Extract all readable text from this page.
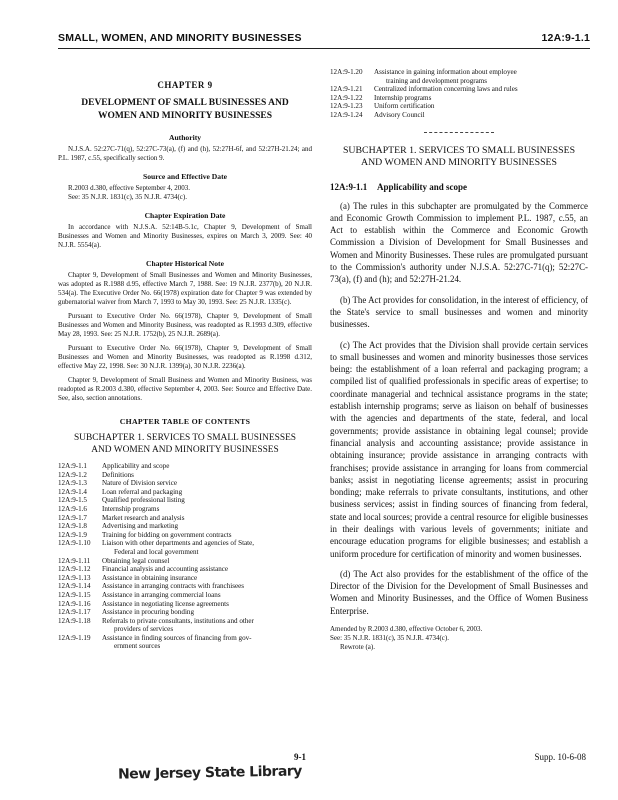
SMALL, WOMEN, AND MINORITY BUSINESSES	12A:9-1.1
CHAPTER 9
DEVELOPMENT OF SMALL BUSINESSES AND
WOMEN AND MINORITY BUSINESSES
Authority
N.J.S.A. 52:27C-71(q), 52:27C-73(a), (f) and (h), 52:27H-6f, and 52:27H-21.24; and P.L. 1987, c.55, specifically section 9.
Source and Effective Date
R.2003 d.380, effective September 4, 2003.
See: 35 N.J.R. 1831(c), 35 N.J.R. 4734(c).
Chapter Expiration Date
In accordance with N.J.S.A. 52:14B-5.1c, Chapter 9, Development of Small Businesses and Women and Minority Businesses, expires on March 3, 2009. See: 40 N.J.R. 5554(a).
Chapter Historical Note

Chapter 9, Development of Small Businesses and Women and Minority Businesses, was adopted as R.1988 d.95, effective March 7, 1988. See: 19 N.J.R. 2377(b), 20 N.J.R. 534(a). The Executive Order No. 66(1978) expiration date for Chapter 9 was extended by gubernatorial waiver from March 7, 1993 to May 30, 1993. See: 25 N.J.R. 1335(c).

Pursuant to Executive Order No. 66(1978), Chapter 9, Development of Small Businesses and Women and Minority Business, was readopted as R.1993 d.309, effective May 28, 1993. See: 25 N.J.R. 1752(b), 25 N.J.R. 2689(a).

Pursuant to Executive Order No. 66(1978), Chapter 9, Development of Small Businesses and Women and Minority Businesses, was readopted as R.1998 d.312, effective May 22, 1998. See: 30 N.J.R. 1399(a), 30 N.J.R. 2236(a).

Chapter 9, Development of Small Business and Women and Minority Business, was readopted as R.2003 d.380, effective September 4, 2003. See: Source and Effective Date. See, also, section annotations.

CHAPTER TABLE OF CONTENTS
SUBCHAPTER 1. SERVICES TO SMALL BUSINESSES
AND WOMEN AND MINORITY BUSINESSES
12A:9-1.1	Applicability and scope
12A:9-1.2	Definitions
12A:9-1.3	Nature of Division service
12A:9-1.4	Loan referral and packaging
12A:9-1.5	Qualified professional listing
12A:9-1.6	Internship programs
12A:9-1.7	Market research and analysis
12A:9-1.8	Advertising and marketing
12A:9-1.9	Training for bidding on government contracts
12A:9-1.10	Liaison with other departments and agencies of State,
Federal and local government
12A:9-1.11	Obtaining legal counsel
12A:9-1.12	Financial analysis and accounting assistance
12A:9-1.13	Assistance in obtaining insurance
12A:9-1.14	Assistance in arranging contracts with franchisees
12A:9-1.15	Assistance in arranging commercial loans
12A:9-1.16	Assistance in negotiating license agreements
12A:9-1.17	Assistance in procuring bonding
12A:9-1.18	Referrals to private consultants, institutions and other
providers of services
12A:9-1.19	Assistance in finding sources of financing from gov-
ernment sources
12A:9-1.20	Assistance in gaining information about employee
training and development programs
12A:9-1.21	Centralized information concerning laws and rules
12A:9-1.22	Internship programs
12A:9-1.23	Uniform certification
12A:9-1.24	Advisory Council
SUBCHAPTER 1. SERVICES TO SMALL BUSINESSES
AND WOMEN AND MINORITY BUSINESSES
12A:9-1.1 Applicability and scope

(a) The rules in this subchapter are promulgated by the Commerce and Economic Growth Commission to implement P.L. 1987, c.55, an Act to establish within the Commerce and Economic Growth Commission a Division of Development for Small Businesses and Women and Minority Businesses. These rules are promulgated pursuant to the Commission's authority under N.J.S.A. 52:27C-71(q); 52:27C-73(a), (f) and (h); and 52:27H-21.24.

(b) The Act provides for consolidation, in the interest of efficiency, of the State's service to small businesses and women and minority businesses.

(c) The Act provides that the Division shall provide certain services to small businesses and women and minority businesses those services being: the establishment of a loan referral and packaging program; a compiled list of qualified professionals in specific areas of expertise; to coordinate managerial and technical assistance programs in the state; establish internship programs; serve as liaison on behalf of businesses with the agencies and departments of the state, federal, and local governments; provide assistance in obtaining legal counsel; provide financial analysis and accounting assistance; provide assistance in obtaining insurance; provide assistance in arranging contracts with franchises; provide assistance in arranging for loans from commercial banks; assist in negotiating license agreements; assist in procuring bonding; make referrals to private consultants, institutions, and other business services; assist in finding sources of financing from federal, state and local sources; provide a central resource for eligible businesses in their dealings with various levels of governments; initiate and encourage education programs for eligible businesses; and establish a uniform procedure for certification of minority and women businesses.

(d) The Act also provides for the establishment of the office of the Director of the Division for the Development of Small Businesses and Women and Minority Businesses, and the Office of Women Business Enterprise.

Amended by R.2003 d.380, effective October 6, 2003.
See: 35 N.J.R. 1831(c), 35 N.J.R. 4734(c).
Rewrote (a).
9-1	Supp. 10-6-08
New Jersey State Library
